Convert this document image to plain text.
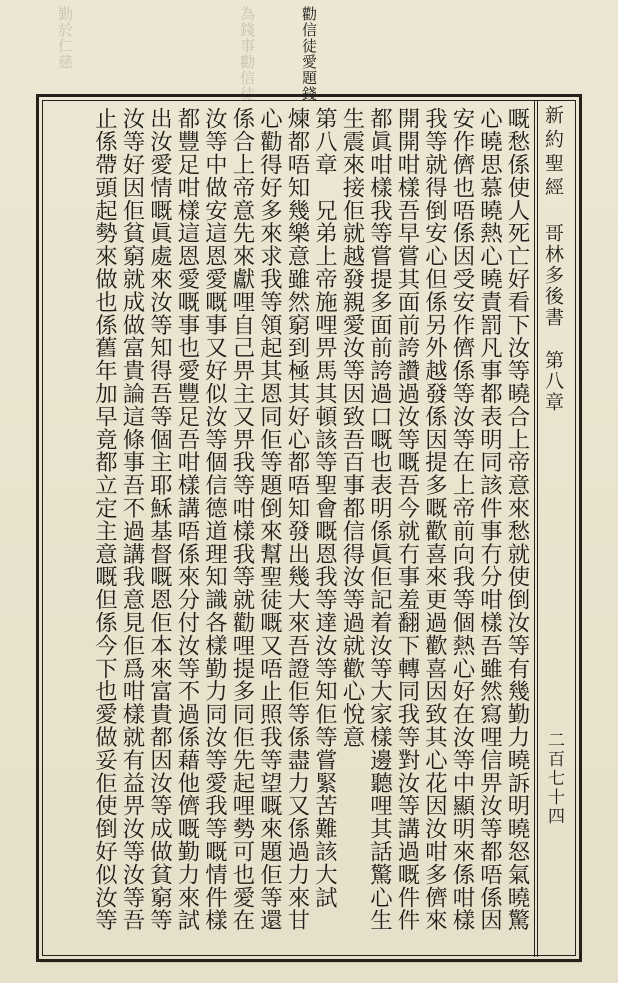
勸信徒愛題錢
為錢事勸信徒
勤於仁慈
新約聖經哥林多後書第八章
二百七十四
嘅愁係使人死亡好看下汝等曉合上帝意來愁就使倒汝等有幾勤力曉訴明曉怒氣曉驚
心曉思慕曉熱心曉責罰凡事都表明同該件事冇分咁樣吾雖然寫哩信畀汝等都唔係因
安作儕也唔係因受安作儕係等汝等在上帝前向我等個熱心好在汝等中顯明來係咁樣
我等就得倒安心但係另外越發係因提多嘅歡喜來更過歡喜因致其心花因汝咁多儕來
開開咁樣吾早嘗其面前誇讚過汝等嘅吾今就冇事羞翻下轉同我等對汝等講過嘅件件
都眞咁樣我等嘗提多面前誇過口嘅也表明係眞佢記着汝等大家樣邊聽哩其話驚心生
生震來接佢就越發親愛汝等因致吾百事都信得汝等過就歡心悅意
第八章　兄弟上帝施哩畀馬其頓該等聖會嘅恩我等達汝等知佢等嘗緊苦難該大試
煉都唔知幾樂意雖然窮到極其好心都唔知發出幾大來吾證佢等係盡力又係過力來甘
心勸得好多來求我等領起其恩同佢等題倒來幫聖徒嘅又唔止照我等望嘅來題佢等還
係合上帝意先來獻哩自己畀主又畀我等咁樣我等就勸哩提多同佢先起哩勢可也愛在
汝等中做安這恩愛嘅事又好似汝等個信德道理知識各樣勤力同汝等愛我等嘅情件樣
都豐足咁樣這恩愛嘅事也愛豐足吾咁樣講唔係來分付汝等不過係藉他儕嘅勤力來試
出汝愛情嘅眞處來汝等知得吾等個主耶穌基督嘅恩佢本來富貴都因汝等成做貧窮等
汝等好因佢貧窮就成做富貴論這條事吾不過講我意見佢爲咁樣就有益畀汝等汝等吾
止係帶頭起勢來做也係舊年加早竟都立定主意嘅但係今下也愛做妥佢使倒好似汝等
